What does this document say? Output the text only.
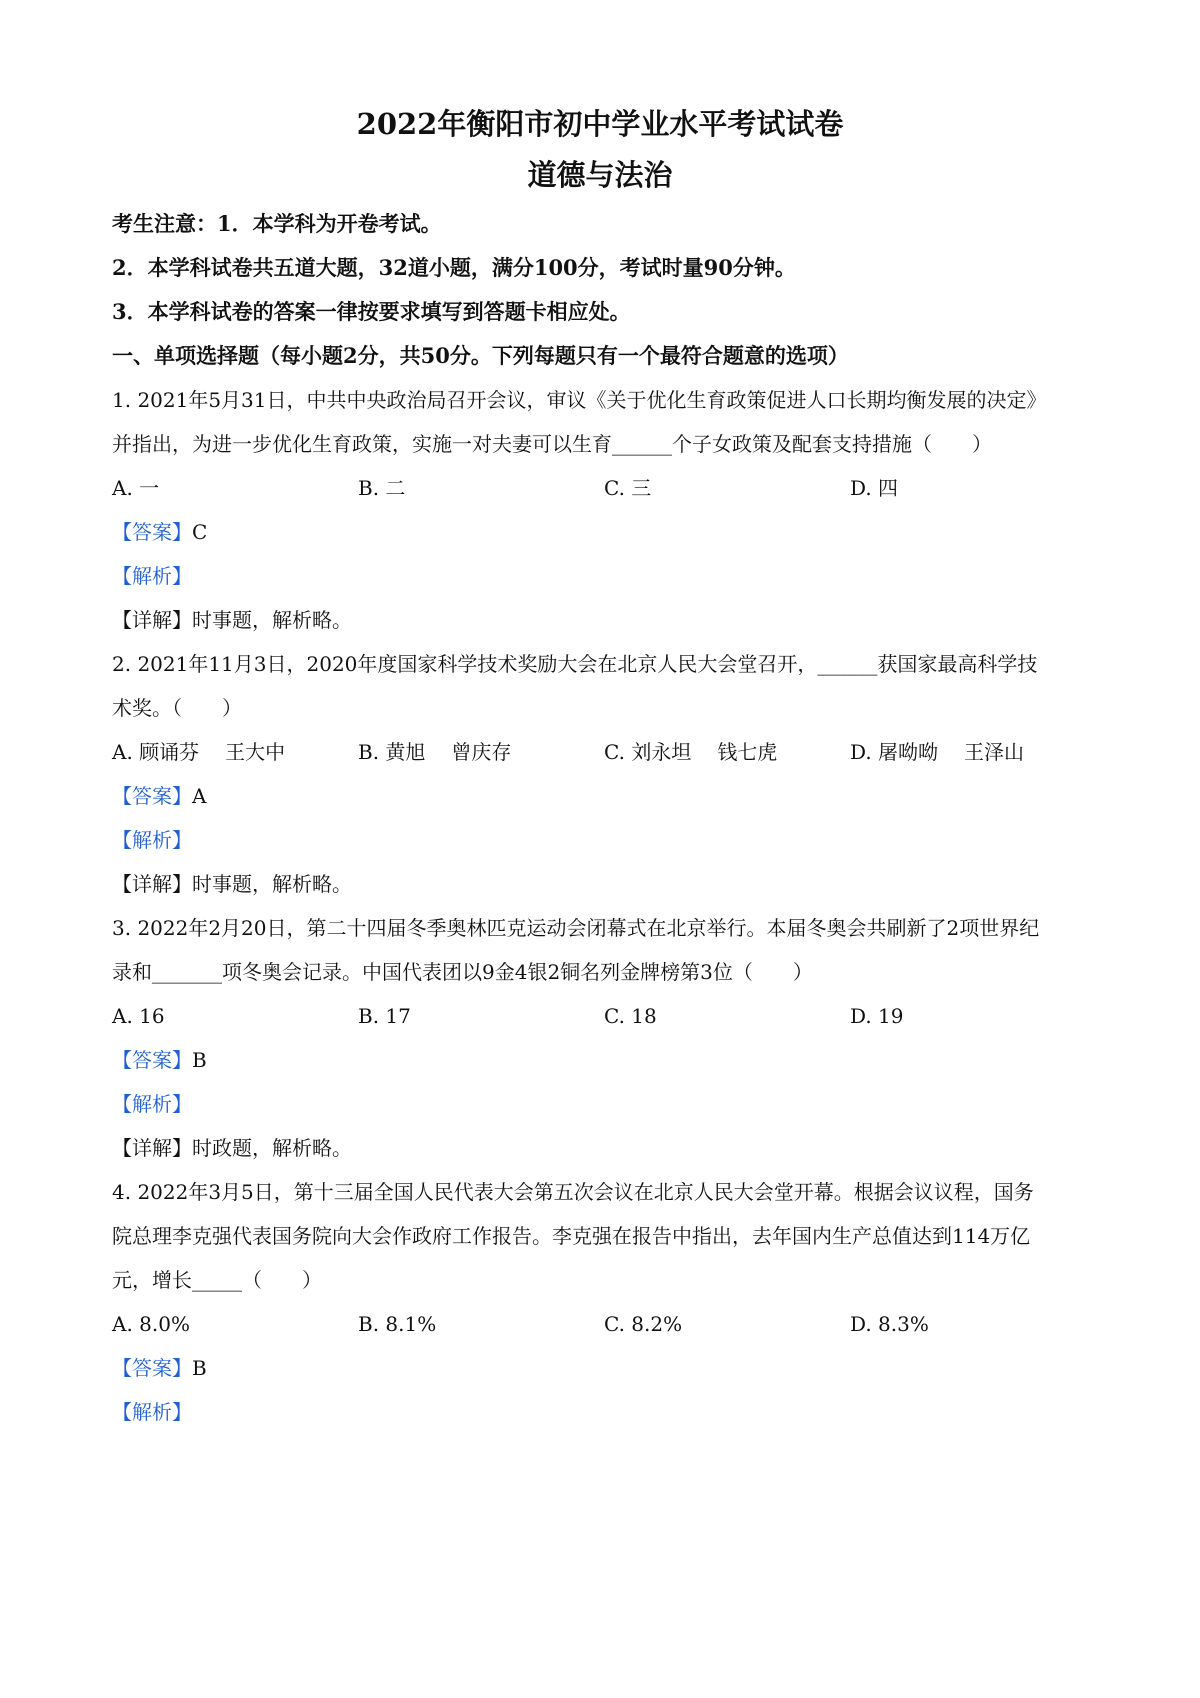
2022年衡阳市初中学业水平考试试卷
道德与法治
考生注意：1．本学科为开卷考试。
2．本学科试卷共五道大题，32道小题，满分100分，考试时量90分钟。
3．本学科试卷的答案一律按要求填写到答题卡相应处。
一、单项选择题（每小题2分，共50分。下列每题只有一个最符合题意的选项）
1. 2021年5月31日，中共中央政治局召开会议，审议《关于优化生育政策促进人口长期均衡发展的决定》
并指出，为进一步优化生育政策，实施一对夫妻可以生育______个子女政策及配套支持措施（　　）
A. 一	B. 二	C. 三	D. 四
【答案】C
【解析】
【详解】时事题，解析略。
2. 2021年11月3日，2020年度国家科学技术奖励大会在北京人民大会堂召开，______获国家最高科学技
术奖。（　　）
A. 顾诵芬 王大中	B. 黄旭 曾庆存	C. 刘永坦 钱七虎	D. 屠呦呦 王泽山
【答案】A
【解析】
【详解】时事题，解析略。
3. 2022年2月20日，第二十四届冬季奥林匹克运动会闭幕式在北京举行。本届冬奥会共刷新了2项世界纪
录和_______项冬奥会记录。中国代表团以9金4银2铜名列金牌榜第3位（　　）
A. 16	B. 17	C. 18	D. 19
【答案】B
【解析】
【详解】时政题，解析略。
4. 2022年3月5日，第十三届全国人民代表大会第五次会议在北京人民大会堂开幕。根据会议议程，国务
院总理李克强代表国务院向大会作政府工作报告。李克强在报告中指出，去年国内生产总值达到114万亿
元，增长_____（　　）
A. 8.0%	B. 8.1%	C. 8.2%	D. 8.3%
【答案】B
【解析】
